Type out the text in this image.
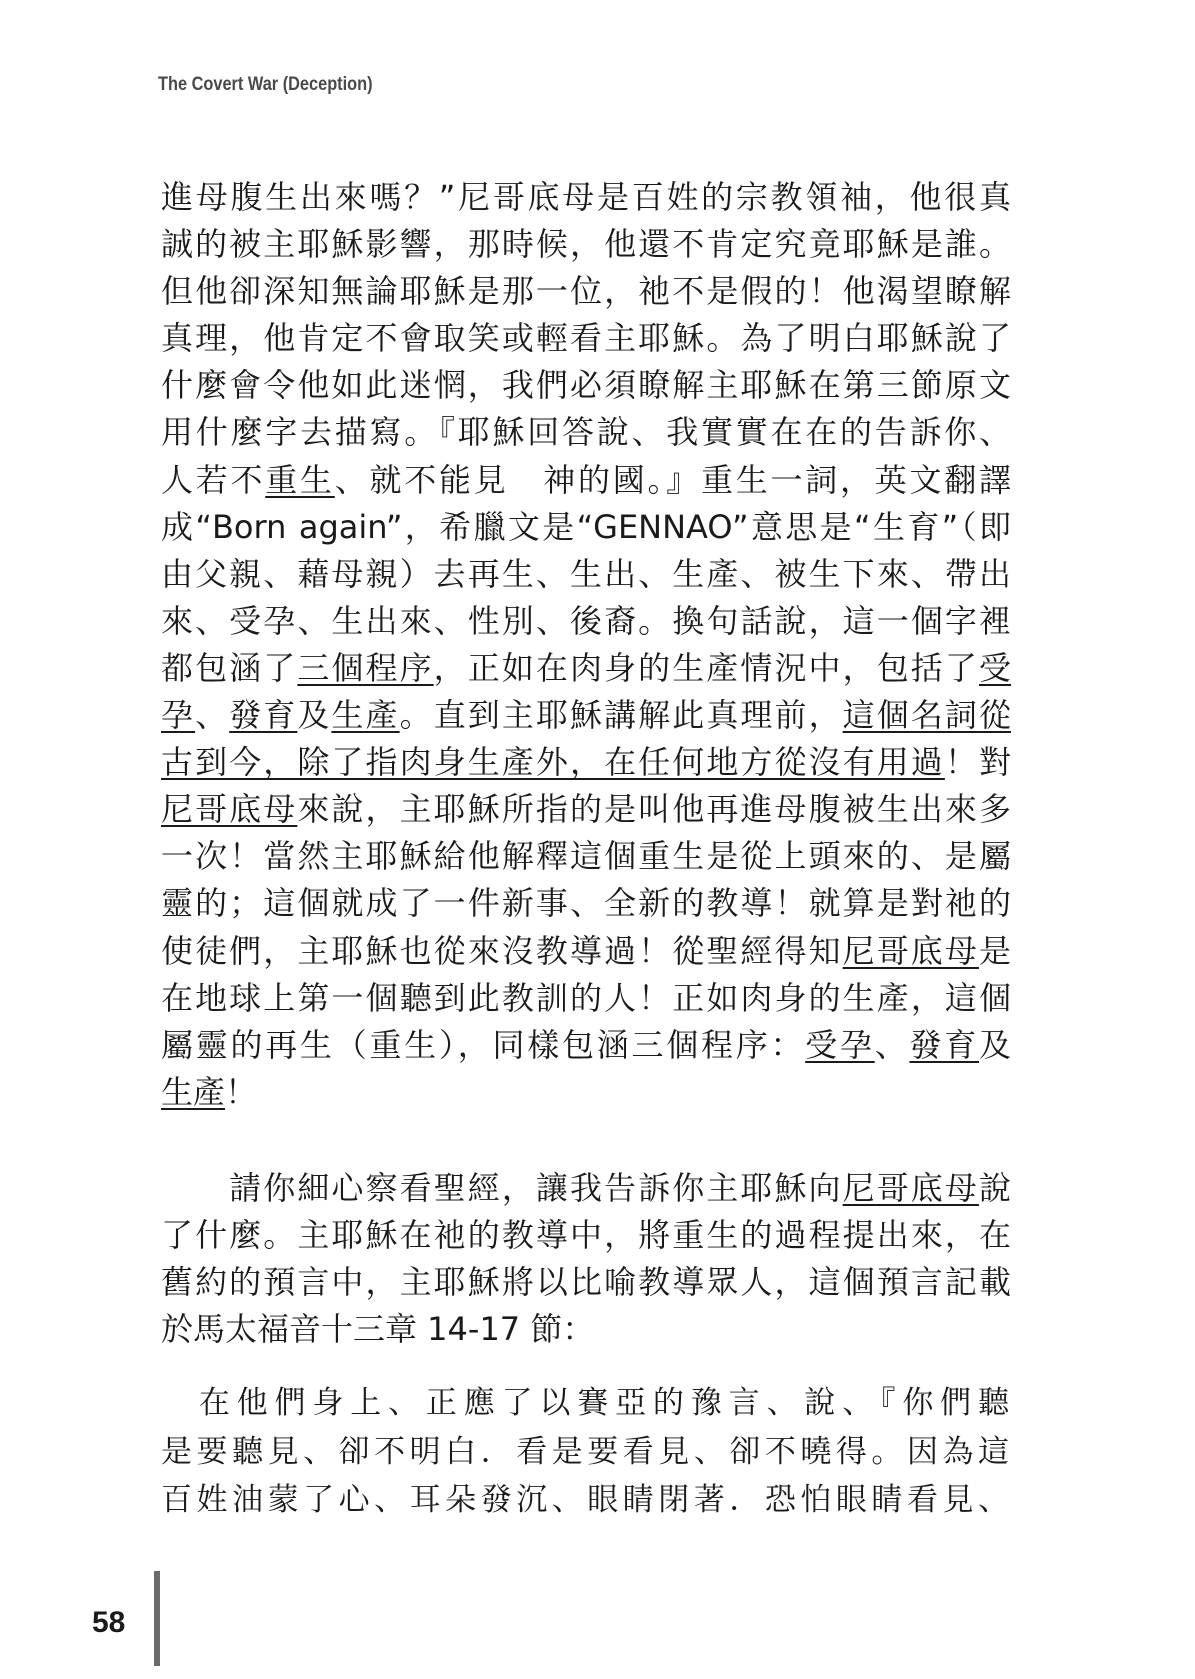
The Covert War (Deception)
進母腹生出來嗎？”尼哥底母是百姓的宗教領袖，他很真
誠的被主耶穌影響，那時候，他還不肯定究竟耶穌是誰。
但他卻深知無論耶穌是那一位，祂不是假的！他渴望瞭解
真理，他肯定不會取笑或輕看主耶穌。為了明白耶穌說了
什麼會令他如此迷惘，我們必須瞭解主耶穌在第三節原文
用什麼字去描寫。『耶穌回答說、我實實在在的告訴你、
人若不重生、就不能見　神的國。』重生一詞，英文翻譯
成“Born again”，希臘文是“GENNAO”意思是“生育”（即
由父親、藉母親）去再生、生出、生產、被生下來、帶出
來、受孕、生出來、性別、後裔。換句話說，這一個字裡
都包涵了三個程序，正如在肉身的生產情況中，包括了受
孕、發育及生產。直到主耶穌講解此真理前，這個名詞從
古到今，除了指肉身生產外，在任何地方從沒有用過！對
尼哥底母來說，主耶穌所指的是叫他再進母腹被生出來多
一次！當然主耶穌給他解釋這個重生是從上頭來的、是屬
靈的；這個就成了一件新事、全新的教導！就算是對祂的
使徒們，主耶穌也從來沒教導過！從聖經得知尼哥底母是
在地球上第一個聽到此教訓的人！正如肉身的生產，這個
屬靈的再生（重生），同樣包涵三個程序：受孕、發育及
生產！
　　請你細心察看聖經，讓我告訴你主耶穌向尼哥底母說
了什麼。主耶穌在祂的教導中，將重生的過程提出來，在
舊約的預言中，主耶穌將以比喻教導眾人，這個預言記載
於馬太福音十三章 14-17 節：
　在他們身上、正應了以賽亞的豫言、說、『你們聽
是要聽見、卻不明白．看是要看見、卻不曉得。因為這
百姓油蒙了心、耳朵發沉、眼睛閉著．恐怕眼睛看見、
58
